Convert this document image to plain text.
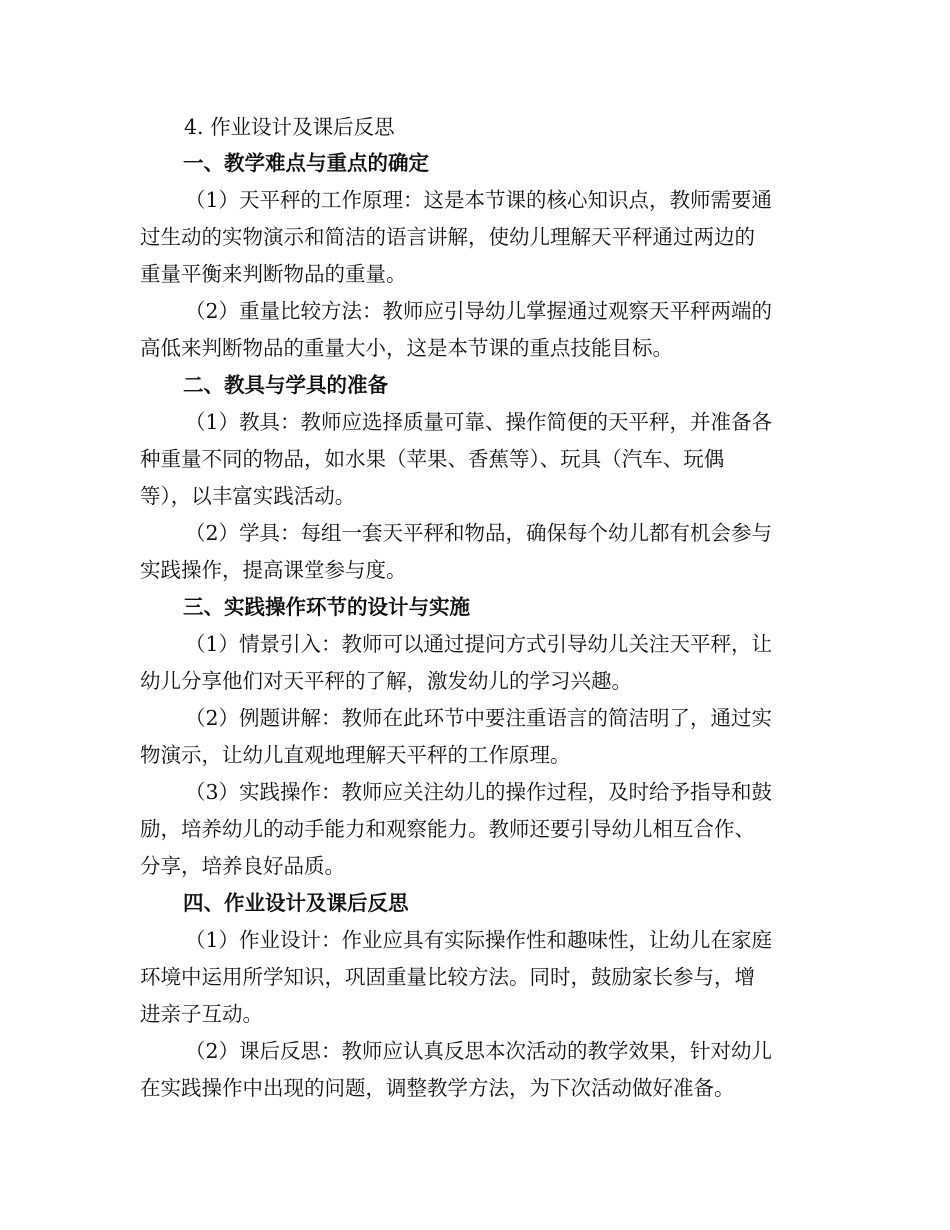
4. 作业设计及课后反思
一、教学难点与重点的确定
（1）天平秤的工作原理：这是本节课的核心知识点，教师需要通
过生动的实物演示和简洁的语言讲解，使幼儿理解天平秤通过两边的
重量平衡来判断物品的重量。
（2）重量比较方法：教师应引导幼儿掌握通过观察天平秤两端的
高低来判断物品的重量大小，这是本节课的重点技能目标。
二、教具与学具的准备
（1）教具：教师应选择质量可靠、操作简便的天平秤，并准备各
种重量不同的物品，如水果（苹果、香蕉等）、玩具（汽车、玩偶
等），以丰富实践活动。
（2）学具：每组一套天平秤和物品，确保每个幼儿都有机会参与
实践操作，提高课堂参与度。
三、实践操作环节的设计与实施
（1）情景引入：教师可以通过提问方式引导幼儿关注天平秤，让
幼儿分享他们对天平秤的了解，激发幼儿的学习兴趣。
（2）例题讲解：教师在此环节中要注重语言的简洁明了，通过实
物演示，让幼儿直观地理解天平秤的工作原理。
（3）实践操作：教师应关注幼儿的操作过程，及时给予指导和鼓
励，培养幼儿的动手能力和观察能力。教师还要引导幼儿相互合作、
分享，培养良好品质。
四、作业设计及课后反思
（1）作业设计：作业应具有实际操作性和趣味性，让幼儿在家庭
环境中运用所学知识，巩固重量比较方法。同时，鼓励家长参与，增
进亲子互动。
（2）课后反思：教师应认真反思本次活动的教学效果，针对幼儿
在实践操作中出现的问题，调整教学方法，为下次活动做好准备。
